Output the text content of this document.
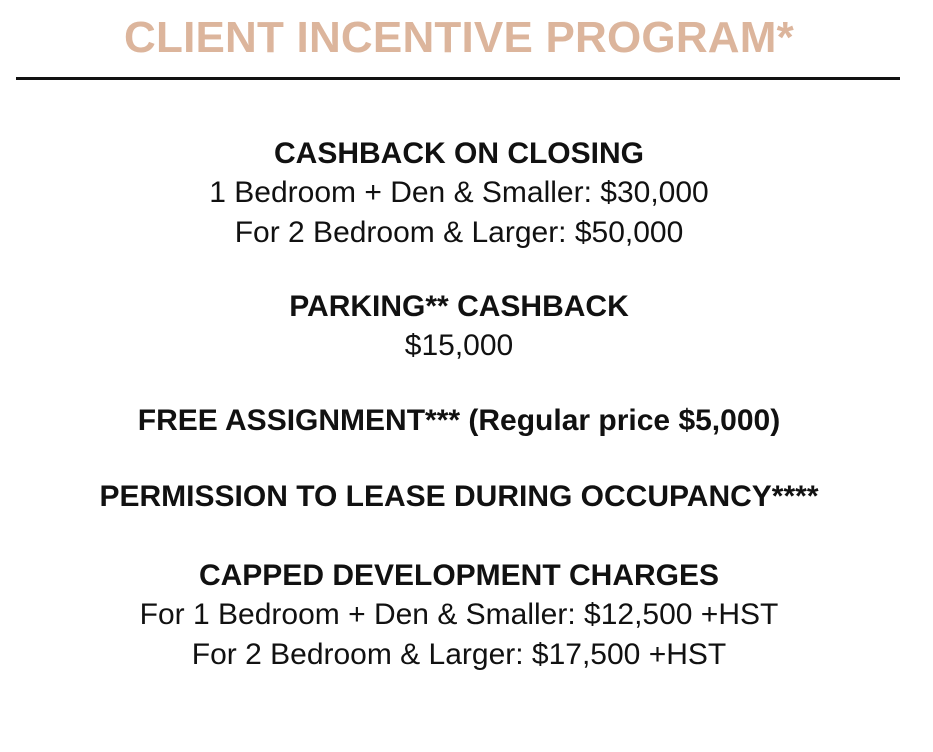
CLIENT INCENTIVE PROGRAM*
CASHBACK ON CLOSING
1 Bedroom + Den & Smaller: $30,000
For 2 Bedroom & Larger: $50,000
PARKING** CASHBACK
$15,000
FREE ASSIGNMENT*** (Regular price $5,000)
PERMISSION TO LEASE DURING OCCUPANCY****
CAPPED DEVELOPMENT CHARGES
For 1 Bedroom + Den & Smaller: $12,500 +HST
For 2 Bedroom & Larger: $17,500 +HST
